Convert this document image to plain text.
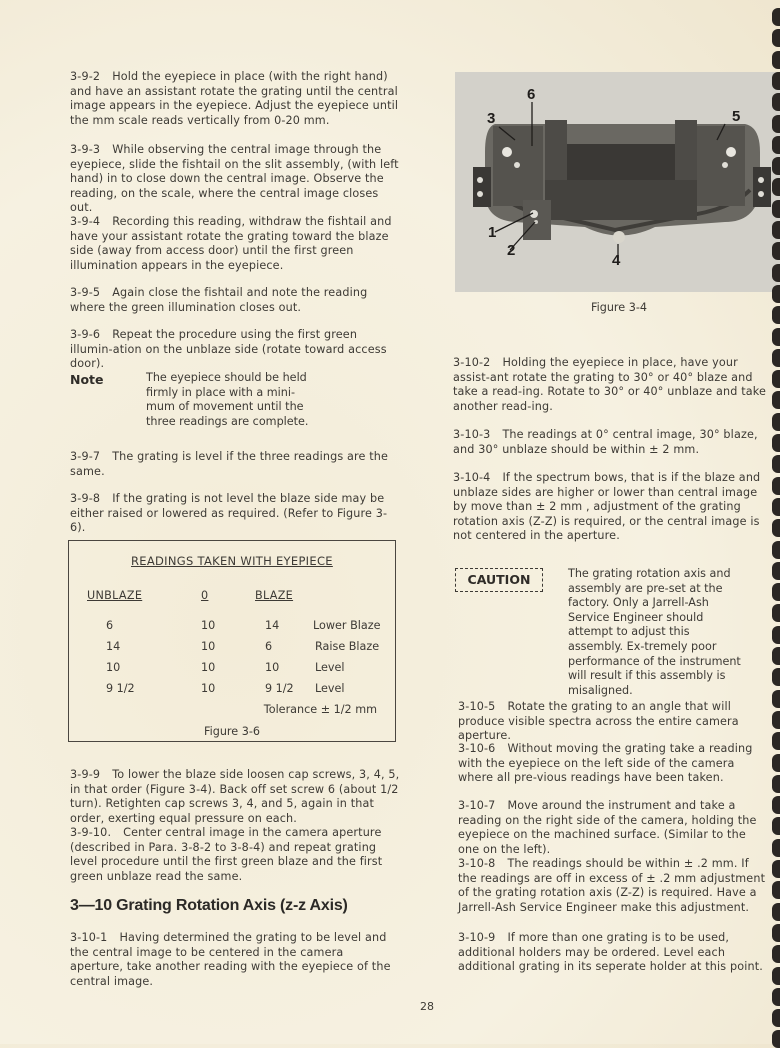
3-9-2 Hold the eyepiece in place (with the right hand) and have an assistant rotate the grating until the central image appears in the eyepiece. Adjust the eyepiece until the mm scale reads vertically from 0-20 mm.

3-9-3 While observing the central image through the eyepiece, slide the fishtail on the slit assembly, (with left hand) in to close down the central image. Observe the reading, on the scale, where the central image closes out.

3-9-4 Recording this reading, withdraw the fishtail and have your assistant rotate the grating toward the blaze side (away from access door) until the first green illumination appears in the eyepiece.

3-9-5 Again close the fishtail and note the reading where the green illumination closes out.

3-9-6 Repeat the procedure using the first green illumin-ation on the unblaze side (rotate toward access door).

Note	The eyepiece should be held firmly in place with a mini-mum of movement until the three readings are complete.

3-9-7 The grating is level if the three readings are the same.

3-9-8 If the grating is not level the blaze side may be either raised or lowered as required. (Refer to Figure 3-6).

READINGS TAKEN WITH EYEPIECE
UNBLAZE	0	BLAZE
6	10	14	Lower Blaze
14	10	6	Raise Blaze
10	10	10	Level
9 1/2	10	9 1/2 Level
Tolerance ± 1/2 mm
Figure 3-6

3-9-9 To lower the blaze side loosen cap screws, 3, 4, 5, in that order (Figure 3-4). Back off set screw 6 (about 1/2 turn). Retighten cap screws 3, 4, and 5, again in that order, exerting equal pressure on each.

3-9-10. Center central image in the camera aperture (described in Para. 3-8-2 to 3-8-4) and repeat grating level procedure until the first green blaze and the first green unblaze read the same.

3—10 Grating Rotation Axis (z-z Axis)

3-10-1 Having determined the grating to be level and the central image to be centered in the camera aperture, take another reading with the eyepiece of the central image.

3
6
5
1
2
4
Figure 3-4

3-10-2 Holding the eyepiece in place, have your assist-ant rotate the grating to 30° or 40° blaze and take a read-ing. Rotate to 30° or 40° unblaze and take another read-ing.

3-10-3 The readings at 0° central image, 30° blaze, and 30° unblaze should be within ± 2 mm.

3-10-4 If the spectrum bows, that is if the blaze and unblaze sides are higher or lower than central image by move than ± 2 mm , adjustment of the grating rotation axis (Z-Z) is required, or the central image is not centered in the aperture.

CAUTION	The grating rotation axis and assembly are pre-set at the factory. Only a Jarrell-Ash Service Engineer should attempt to adjust this assembly. Ex-tremely poor performance of the instrument will result if this assembly is misaligned.

3-10-5 Rotate the grating to an angle that will produce visible spectra across the entire camera aperture.

3-10-6 Without moving the grating take a reading with the eyepiece on the left side of the camera where all pre-vious readings have been taken.

3-10-7 Move around the instrument and take a reading on the right side of the camera, holding the eyepiece on the machined surface. (Similar to the one on the left).

3-10-8 The readings should be within ± .2 mm. If the readings are off in excess of ± .2 mm adjustment of the grating rotation axis (Z-Z) is required. Have a Jarrell-Ash Service Engineer make this adjustment.

3-10-9 If more than one grating is to be used, additional holders may be ordered. Level each additional grating in its seperate holder at this point.

28
